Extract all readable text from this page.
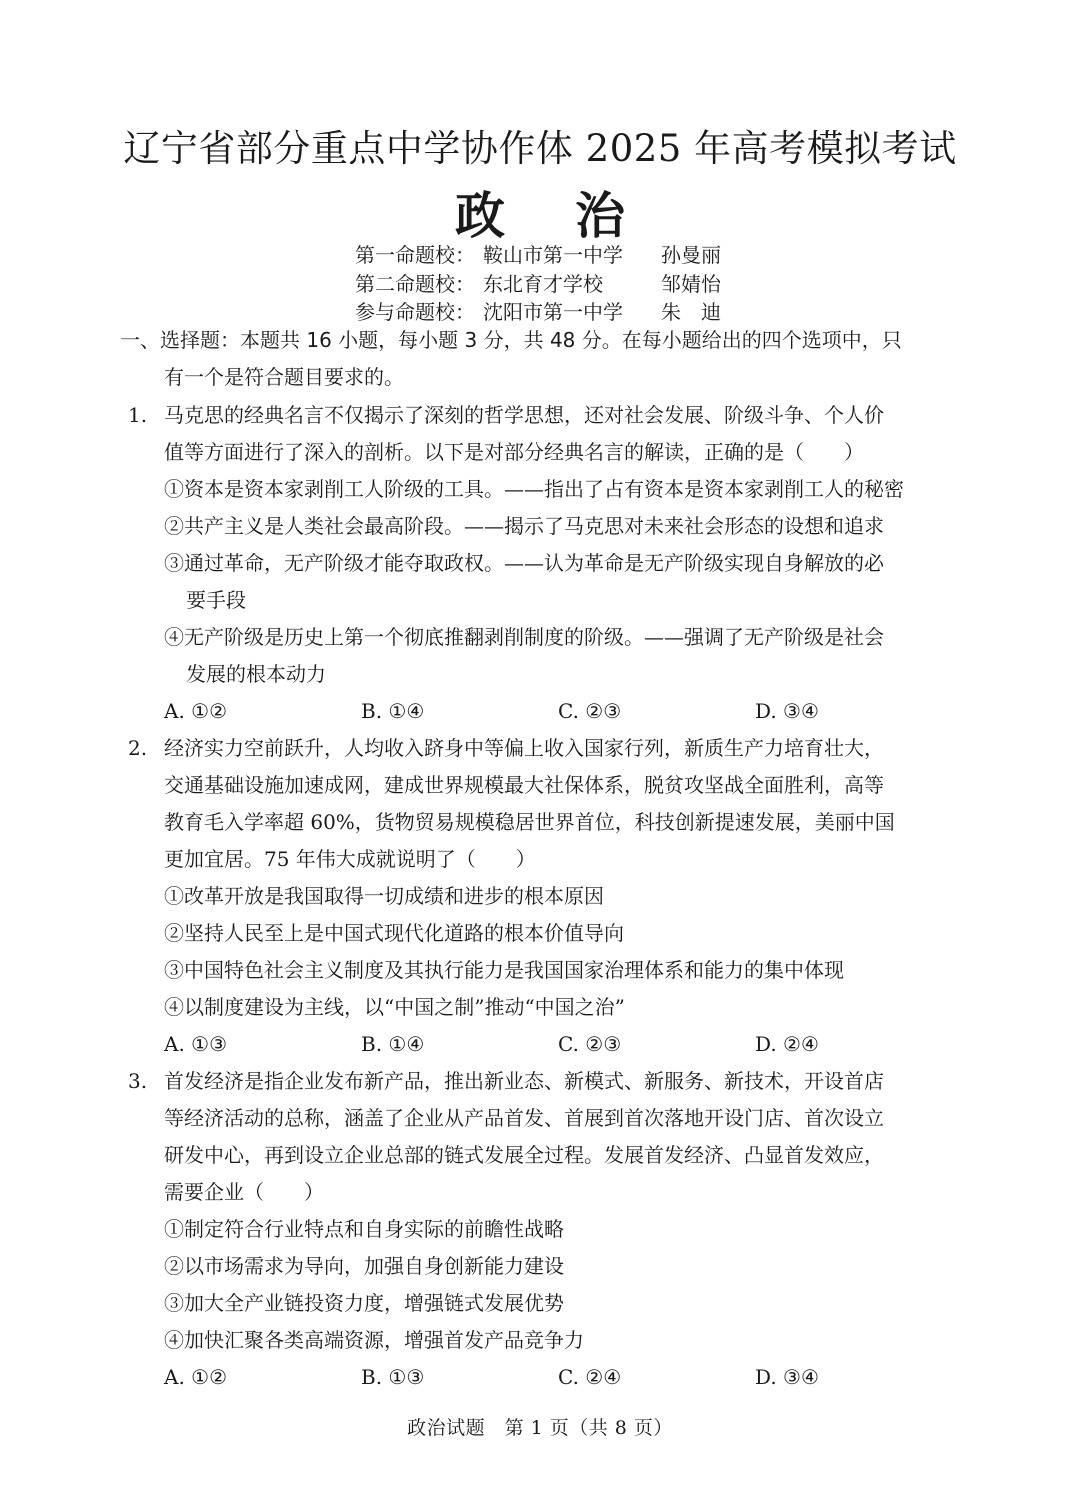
辽宁省部分重点中学协作体 2025 年高考模拟考试
政 治
第一命题校： 鞍山市第一中学 孙曼丽
第二命题校： 东北育才学校	邹婧怡
参与命题校： 沈阳市第一中学 朱　迪
一、选择题：本题共 16 小题，每小题 3 分，共 48 分。在每小题给出的四个选项中，只
有一个是符合题目要求的。
1. 马克思的经典名言不仅揭示了深刻的哲学思想，还对社会发展、阶级斗争、个人价
值等方面进行了深入的剖析。以下是对部分经典名言的解读，正确的是（　　）
①资本是资本家剥削工人阶级的工具。——指出了占有资本是资本家剥削工人的秘密
②共产主义是人类社会最高阶段。——揭示了马克思对未来社会形态的设想和追求
③通过革命，无产阶级才能夺取政权。——认为革命是无产阶级实现自身解放的必
要手段
④无产阶级是历史上第一个彻底推翻剥削制度的阶级。——强调了无产阶级是社会
发展的根本动力
A. ①②	B. ①④	C. ②③	D. ③④
2. 经济实力空前跃升，人均收入跻身中等偏上收入国家行列，新质生产力培育壮大，
交通基础设施加速成网，建成世界规模最大社保体系，脱贫攻坚战全面胜利，高等
教育毛入学率超 60%，货物贸易规模稳居世界首位，科技创新提速发展，美丽中国
更加宜居。75 年伟大成就说明了（　　）
①改革开放是我国取得一切成绩和进步的根本原因
②坚持人民至上是中国式现代化道路的根本价值导向
③中国特色社会主义制度及其执行能力是我国国家治理体系和能力的集中体现
④以制度建设为主线，以“中国之制”推动“中国之治”
A. ①③	B. ①④	C. ②③	D. ②④
3. 首发经济是指企业发布新产品，推出新业态、新模式、新服务、新技术，开设首店
等经济活动的总称，涵盖了企业从产品首发、首展到首次落地开设门店、首次设立
研发中心，再到设立企业总部的链式发展全过程。发展首发经济、凸显首发效应，
需要企业（　　）
①制定符合行业特点和自身实际的前瞻性战略
②以市场需求为导向，加强自身创新能力建设
③加大全产业链投资力度，增强链式发展优势
④加快汇聚各类高端资源，增强首发产品竞争力
A. ①②	B. ①③	C. ②④	D. ③④
政治试题　第 1 页（共 8 页）
